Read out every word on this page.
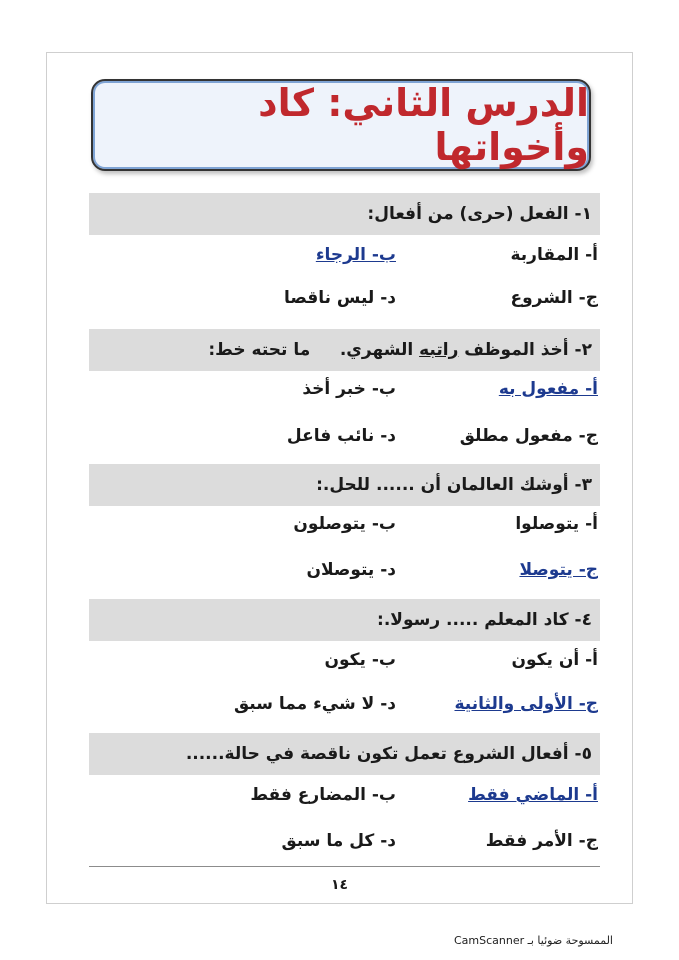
الدرس الثاني: كاد وأخواتها
١- الفعل (حرى) من أفعال:
أ- المقاربة
ب- الرجاء
ج- الشروع
د- ليس ناقصا
٢- أخذ الموظف راتبه الشهري.     ما تحته خط:
أ- مفعول به
ب- خبر أخذ
ج- مفعول مطلق
د- نائب فاعل
٣- أوشك العالمان أن ...... للحل.:
أ- يتوصلوا
ب- يتوصلون
ج- يتوصلا
د- يتوصلان
٤- كاد المعلم ..... رسولا.:
أ- أن يكون
ب- يكون
ج- الأولى والثانية
د- لا شيء مما سبق
٥- أفعال الشروع تعمل تكون ناقصة في حالة......
أ- الماضي فقط
ب- المضارع فقط
ج- الأمر فقط
د- كل ما سبق
١٤
الممسوحة ضوئيا بـ CamScanner
